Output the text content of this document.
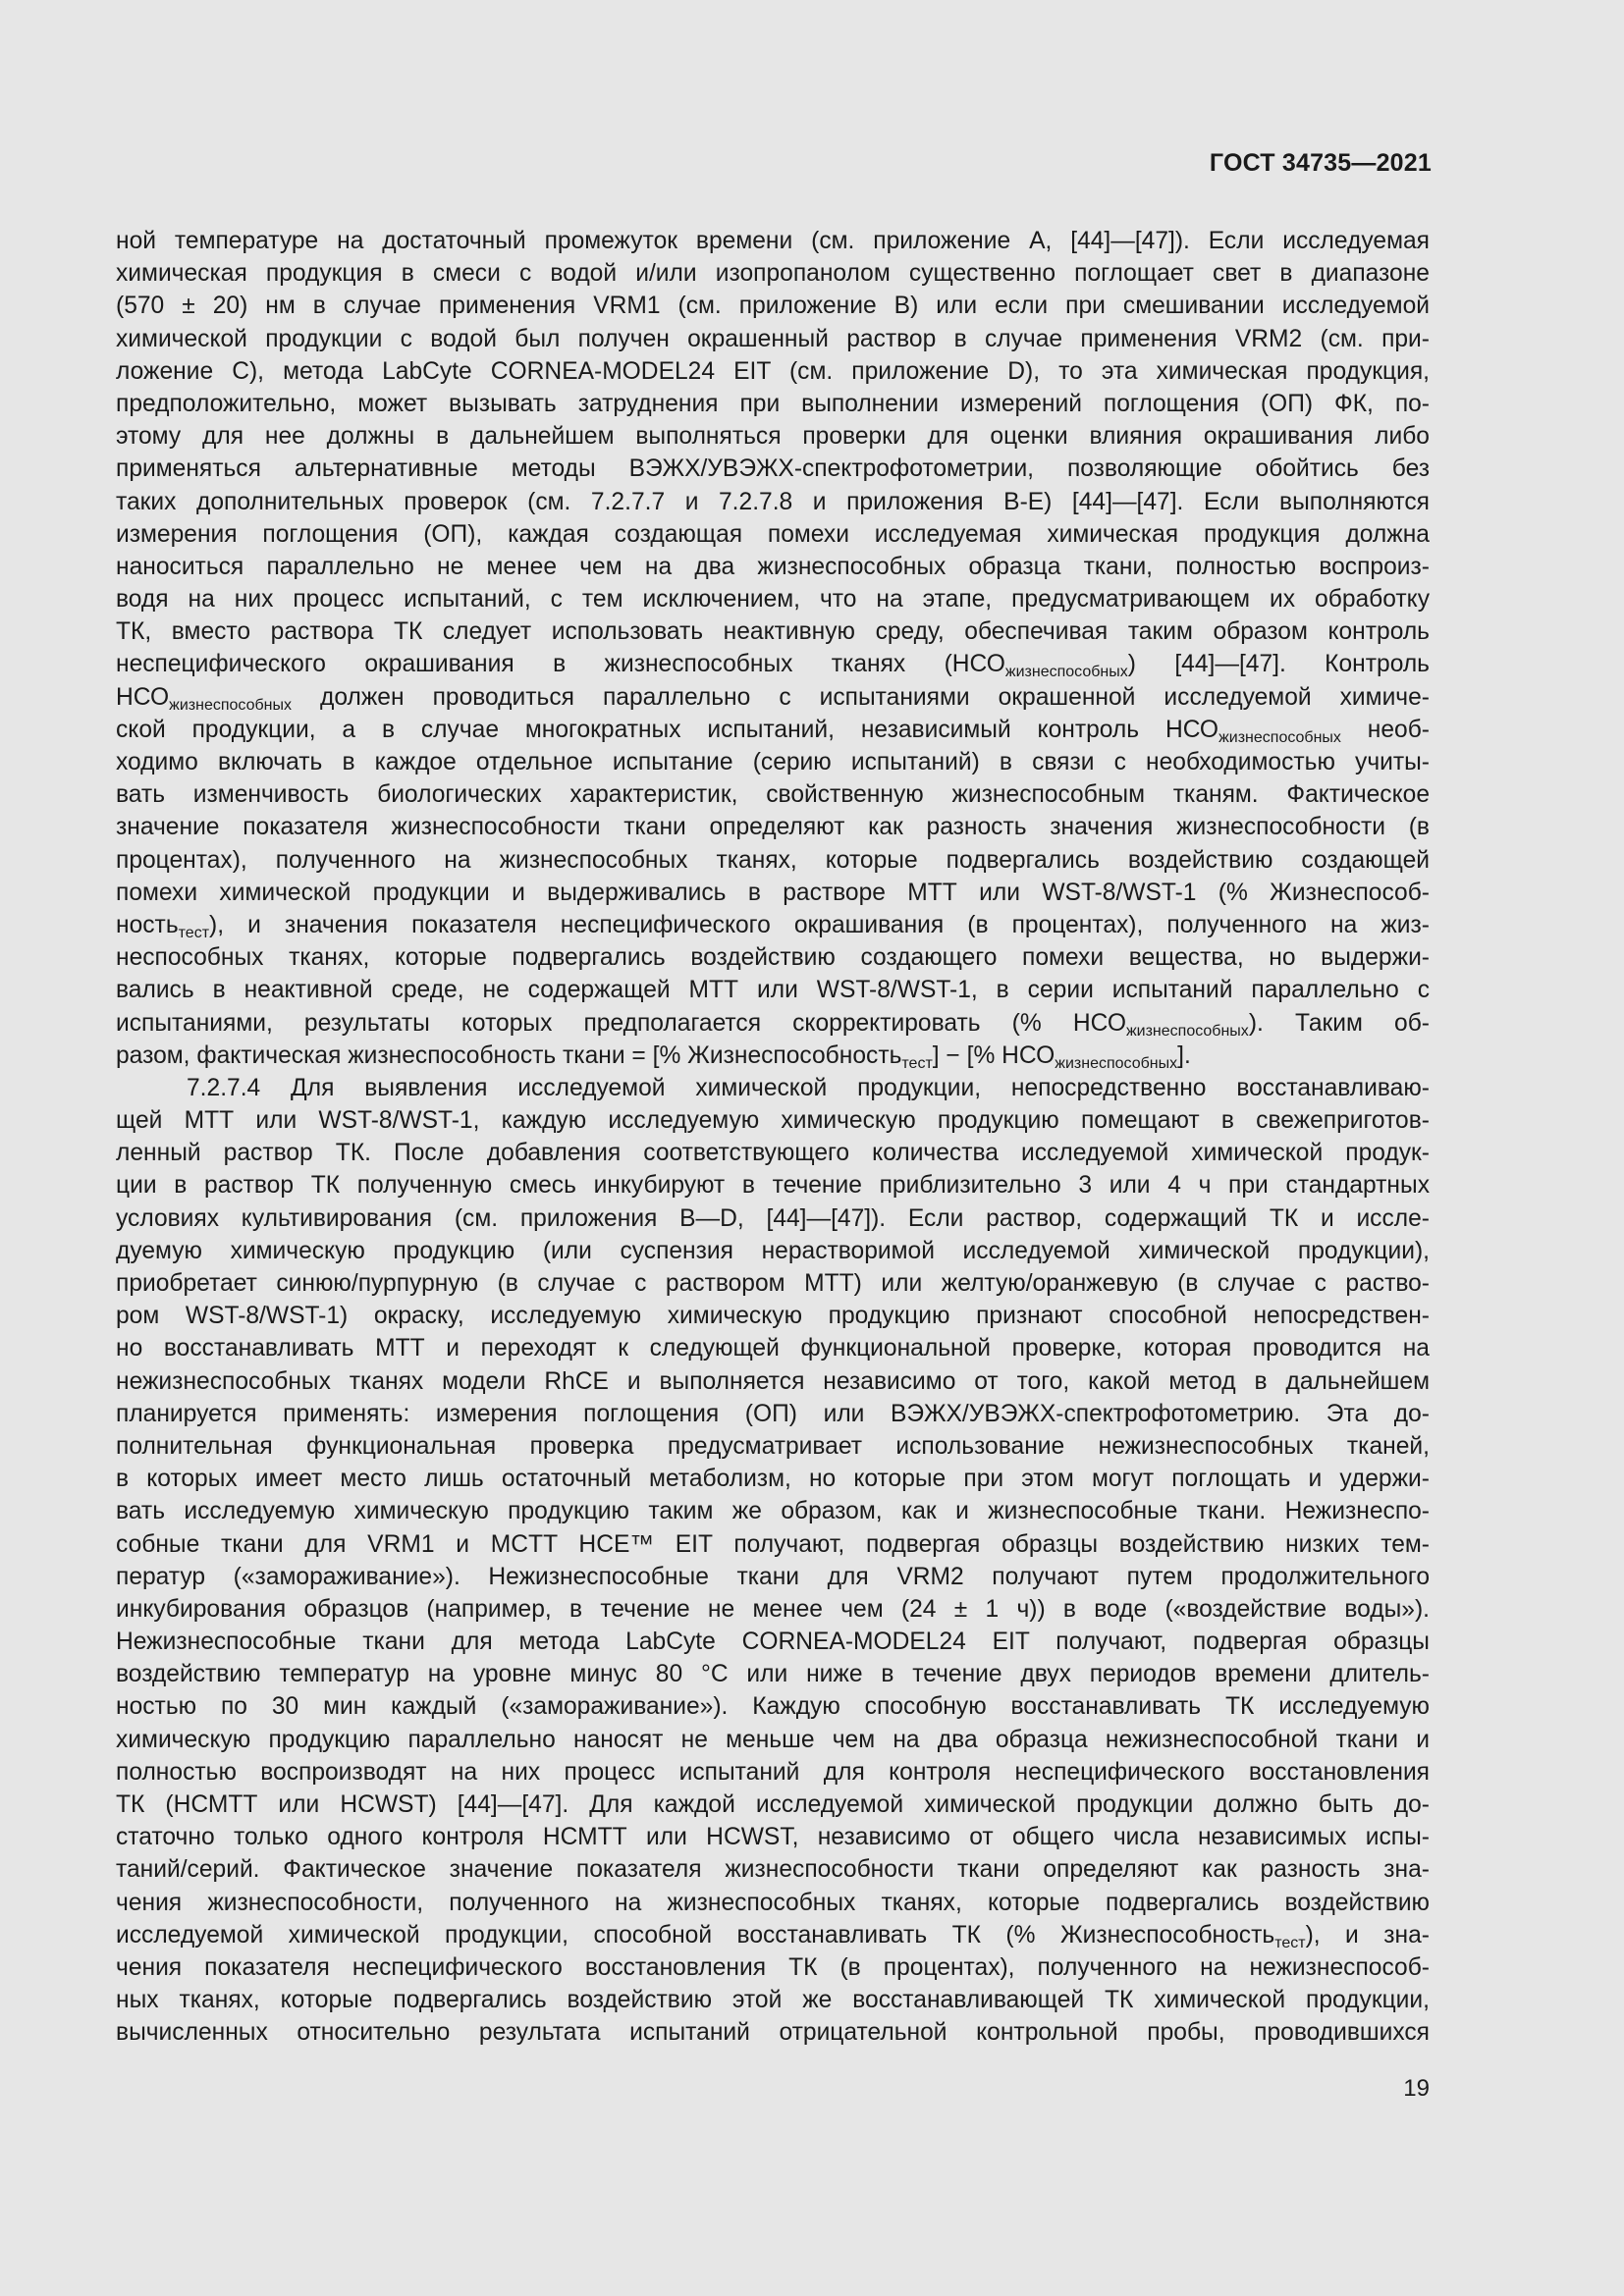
ГОСТ 34735—2021
ной температуре на достаточный промежуток времени (см. приложение А, [44]—[47]). Если исследуемая
химическая продукция в смеси с водой и/или изопропанолом существенно поглощает свет в диапазоне
(570 ± 20) нм в случае применения VRM1 (см. приложение В) или если при смешивании исследуемой
химической продукции с водой был получен окрашенный раствор в случае применения VRM2 (см. при-
ложение С), метода LabCyte CORNEA-MODEL24 EIT (см. приложение D), то эта химическая продукция,
предположительно, может вызывать затруднения при выполнении измерений поглощения (ОП) ФК, по-
этому для нее должны в дальнейшем выполняться проверки для оценки влияния окрашивания либо
применяться альтернативные методы ВЭЖХ/УВЭЖХ-спектрофотометрии, позволяющие обойтись без
таких дополнительных проверок (см. 7.2.7.7 и 7.2.7.8 и приложения В-Е) [44]—[47]. Если выполняются
измерения поглощения (ОП), каждая создающая помехи исследуемая химическая продукция должна
наноситься параллельно не менее чем на два жизнеспособных образца ткани, полностью воспроиз-
водя на них процесс испытаний, с тем исключением, что на этапе, предусматривающем их обработку
ТК, вместо раствора ТК следует использовать неактивную среду, обеспечивая таким образом контроль
неспецифического окрашивания в жизнеспособных тканях $(НСО_{жизнеспособных})$ [44]—[47]. Контроль
$НСО_{жизнеспособных}$ должен проводиться параллельно с испытаниями окрашенной исследуемой химиче-
ской продукции, а в случае многократных испытаний, независимый контроль $НСО_{жизнеспособных}$ необ-
ходимо включать в каждое отдельное испытание (серию испытаний) в связи с необходимостью учиты-
вать изменчивость биологических характеристик, свойственную жизнеспособным тканям. Фактическое
значение показателя жизнеспособности ткани определяют как разность значения жизнеспособности (в
процентах), полученного на жизнеспособных тканях, которые подвергались воздействию создающей
помехи химической продукции и выдерживались в растворе МТТ или WST-8/WST-1 (% Жизнеспособ-
ность$_{тест}$), и значения показателя неспецифического окрашивания (в процентах), полученного на жиз-
неспособных тканях, которые подвергались воздействию создающего помехи вещества, но выдержи-
вались в неактивной среде, не содержащей МТТ или WST-8/WST-1, в серии испытаний параллельно с
испытаниями, результаты которых предполагается скорректировать (% $НСО_{жизнеспособных}$). Таким об-
разом, фактическая жизнеспособность ткани = [% Жизнеспособность$_{тест}$] − [% $НСО_{жизнеспособных}$].
7.2.7.4 Для выявления исследуемой химической продукции, непосредственно восстанавливаю-
щей МТТ или WST-8/WST-1, каждую исследуемую химическую продукцию помещают в свежеприготов-
ленный раствор ТК. После добавления соответствующего количества исследуемой химической продук-
ции в раствор ТК полученную смесь инкубируют в течение приблизительно 3 или 4 ч при стандартных
условиях культивирования (см. приложения В—D, [44]—[47]). Если раствор, содержащий ТК и иссле-
дуемую химическую продукцию (или суспензия нерастворимой исследуемой химической продукции),
приобретает синюю/пурпурную (в случае с раствором МТТ) или желтую/оранжевую (в случае с раство-
ром WST-8/WST-1) окраску, исследуемую химическую продукцию признают способной непосредствен-
но восстанавливать МТТ и переходят к следующей функциональной проверке, которая проводится на
нежизнеспособных тканях модели RhCE и выполняется независимо от того, какой метод в дальнейшем
планируется применять: измерения поглощения (ОП) или ВЭЖХ/УВЭЖХ-спектрофотометрию. Эта до-
полнительная функциональная проверка предусматривает использование нежизнеспособных тканей,
в которых имеет место лишь остаточный метаболизм, но которые при этом могут поглощать и удержи-
вать исследуемую химическую продукцию таким же образом, как и жизнеспособные ткани. Нежизнеспо-
собные ткани для VRM1 и MCTT HCE™ EIT получают, подвергая образцы воздействию низких тем-
ператур («замораживание»). Нежизнеспособные ткани для VRM2 получают путем продолжительного
инкубирования образцов (например, в течение не менее чем (24 ± 1 ч)) в воде («воздействие воды»).
Нежизнеспособные ткани для метода LabCyte CORNEA-MODEL24 EIT получают, подвергая образцы
воздействию температур на уровне минус 80 °С или ниже в течение двух периодов времени длитель-
ностью по 30 мин каждый («замораживание»). Каждую способную восстанавливать ТК исследуемую
химическую продукцию параллельно наносят не меньше чем на два образца нежизнеспособной ткани и
полностью воспроизводят на них процесс испытаний для контроля неспецифического восстановления
ТК (НСМТТ или НСWST) [44]—[47]. Для каждой исследуемой химической продукции должно быть до-
статочно только одного контроля НСМТТ или НСWST, независимо от общего числа независимых испы-
таний/серий. Фактическое значение показателя жизнеспособности ткани определяют как разность зна-
чения жизнеспособности, полученного на жизнеспособных тканях, которые подвергались воздействию
исследуемой химической продукции, способной восстанавливать ТК (% Жизнеспособность$_{тест}$), и зна-
чения показателя неспецифического восстановления ТК (в процентах), полученного на нежизнеспособ-
ных тканях, которые подвергались воздействию этой же восстанавливающей ТК химической продукции,
вычисленных относительно результата испытаний отрицательной контрольной пробы, проводившихся
19
